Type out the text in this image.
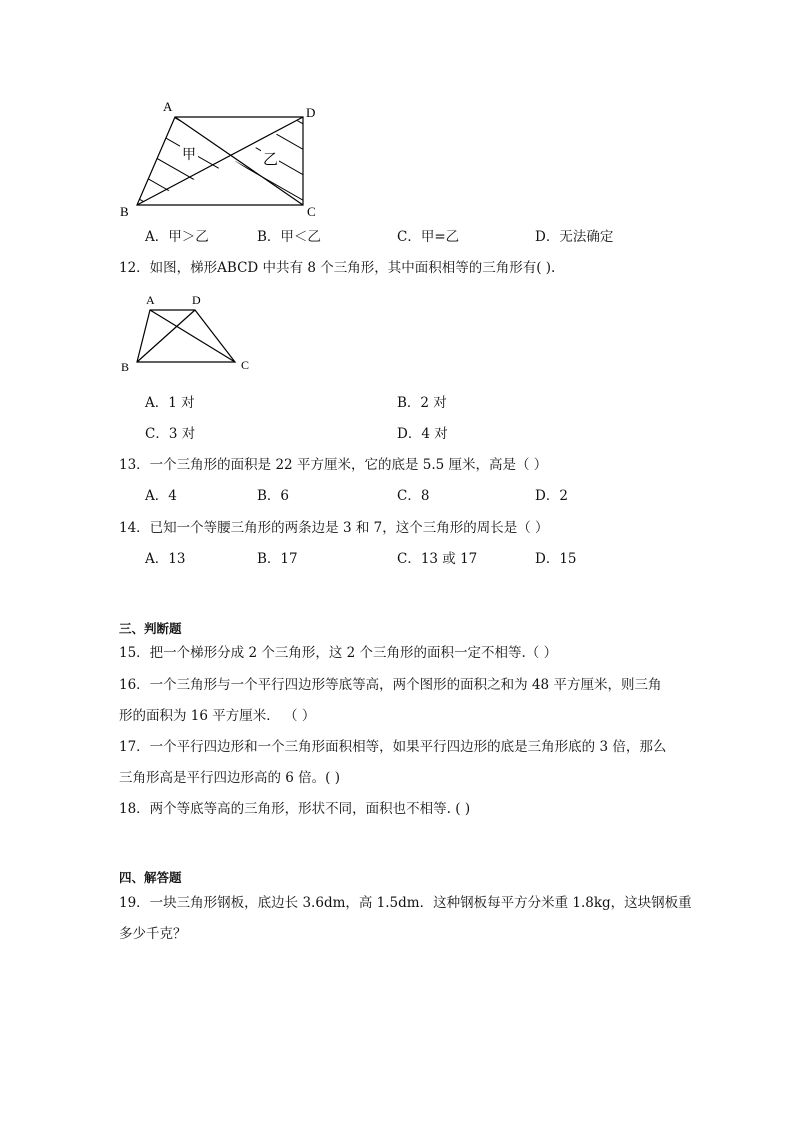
甲	乙
A	D
B	C
A．甲＞乙	B．甲＜乙	C．甲=乙	D．无法确定
12．如图，梯形ABCD 中共有 8 个三角形，其中面积相等的三角形有( ).
A	D
B	C
A．1 对	B．2 对
C．3 对	D．4 对
13．一个三角形的面积是 22 平方厘米，它的底是 5.5 厘米，高是（ ）
A．4	B．6	C．8	D．2
14．已知一个等腰三角形的两条边是 3 和 7，这个三角形的周长是（ ）
A．13	B．17	C．13 或 17	D．15
三、判断题
15．把一个梯形分成 2 个三角形，这 2 个三角形的面积一定不相等.（ ）
16．一个三角形与一个平行四边形等底等高，两个图形的面积之和为 48 平方厘米，则三角
形的面积为 16 平方厘米． （ ）
17．一个平行四边形和一个三角形面积相等，如果平行四边形的底是三角形底的 3 倍，那么
三角形高是平行四边形高的 6 倍。( )
18．两个等底等高的三角形，形状不同，面积也不相等. ( )
四、解答题
19．一块三角形钢板，底边长 3.6dm，高 1.5dm．这种钢板每平方分米重 1.8kg，这块钢板重
多少千克？
